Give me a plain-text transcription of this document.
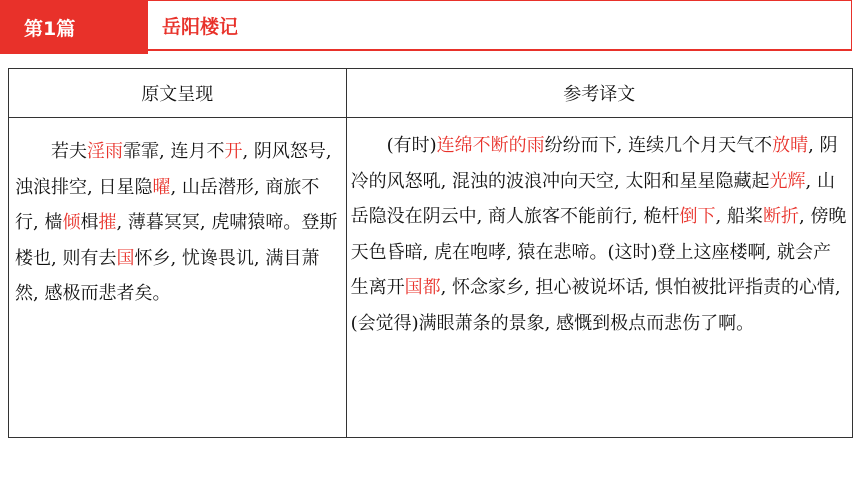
第1篇	岳阳楼记
原文呈现	参考译文

若夫淫雨霏霏, 连月不开, 阴风怒号, 浊浪排空, 日星隐曜, 山岳潜形, 商旅不行, 樯倾楫摧, 薄暮冥冥, 虎啸猿啼。登斯楼也, 则有去国怀乡, 忧谗畏讥, 满目萧然, 感极而悲者矣。	(有时)连绵不断的雨纷纷而下, 连续几个月天气不放晴, 阴冷的风怒吼, 混浊的波浪冲向天空, 太阳和星星隐藏起光辉, 山岳隐没在阴云中, 商人旅客不能前行, 桅杆倒下, 船桨断折, 傍晚天色昏暗, 虎在咆哮, 猿在悲啼。(这时)登上这座楼啊, 就会产生离开国都, 怀念家乡, 担心被说坏话, 惧怕被批评指责的心情, (会觉得)满眼萧条的景象, 感慨到极点而悲伤了啊。
